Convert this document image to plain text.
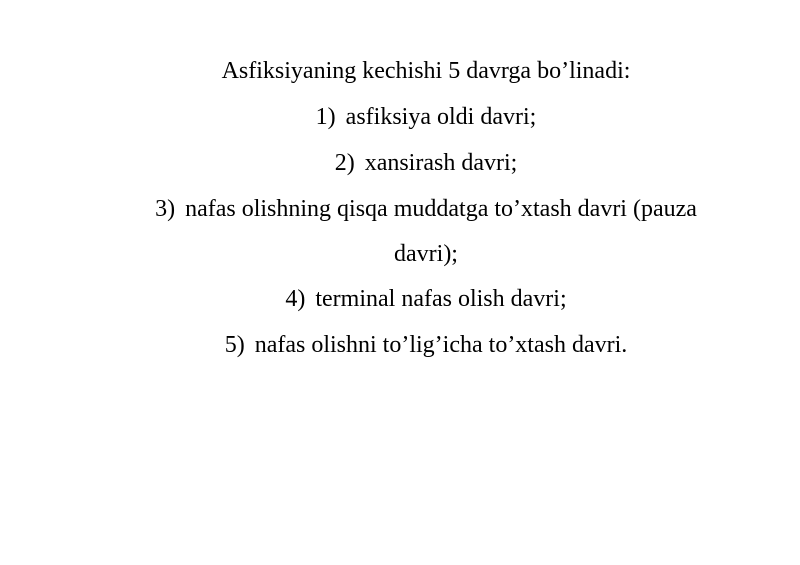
Asfiksiyaning kechishi 5 davrga bo’linadi:
1) asfiksiya oldi davri;
2) xansirash davri;
3) nafas olishning qisqa muddatga to’xtash davri (pauza
davri);
4) terminal nafas olish davri;
5) nafas olishni to’lig’icha to’xtash davri.
